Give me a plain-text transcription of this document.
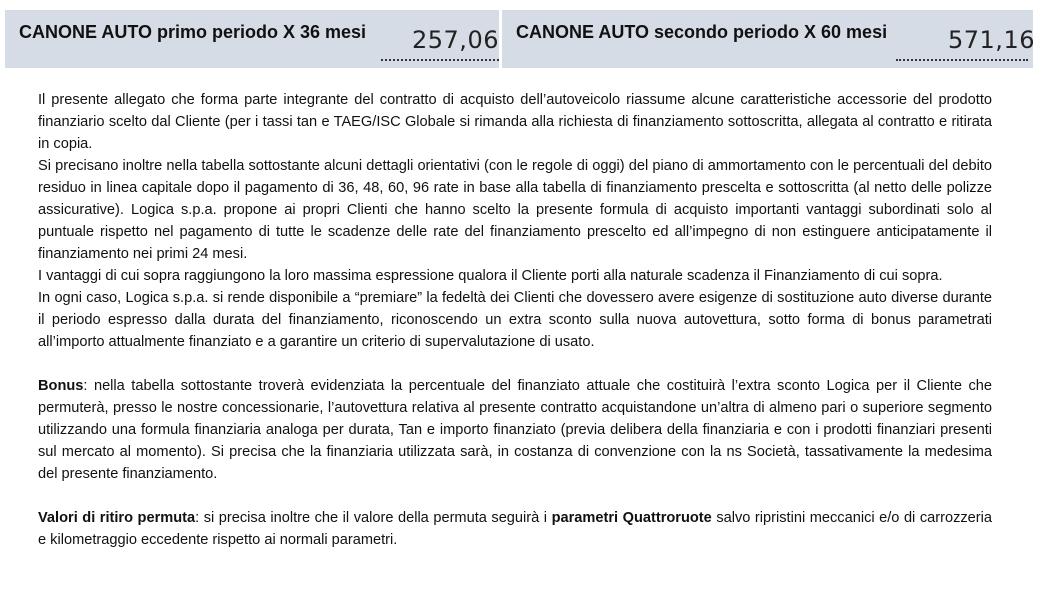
CANONE AUTO primo periodo X 36 mesi 257,06 CANONE AUTO secondo periodo X 60 mesi	571,16

Il presente allegato che forma parte integrante del contratto di acquisto dell’autoveicolo riassume alcune caratteristiche accessorie del prodotto finanziario scelto dal Cliente (per i tassi tan e TAEG/ISC Globale si rimanda alla richiesta di finanziamento sottoscritta, allegata al contratto e ritirata in copia.

Si precisano inoltre nella tabella sottostante alcuni dettagli orientativi (con le regole di oggi) del piano di ammortamento con le percentuali del debito residuo in linea capitale dopo il pagamento di 36, 48, 60, 96 rate in base alla tabella di finanziamento prescelta e sottoscritta (al netto delle polizze assicurative). Logica s.p.a. propone ai propri Clienti che hanno scelto la presente formula di acquisto importanti vantaggi subordinati solo al puntuale rispetto nel pagamento di tutte le scadenze delle rate del finanziamento prescelto ed all’impegno di non estinguere anticipatamente il finanziamento nei primi 24 mesi.

I vantaggi di cui sopra raggiungono la loro massima espressione qualora il Cliente porti alla naturale scadenza il Finanziamento di cui sopra.

In ogni caso, Logica s.p.a. si rende disponibile a “premiare” la fedeltà dei Clienti che dovessero avere esigenze di sostituzione auto diverse durante il periodo espresso dalla durata del finanziamento, riconoscendo un extra sconto sulla nuova autovettura, sotto forma di bonus parametrati all’importo attualmente finanziato e a garantire un criterio di supervalutazione di usato.

Bonus: nella tabella sottostante troverà evidenziata la percentuale del finanziato attuale che costituirà l’extra sconto Logica per il Cliente che permuterà, presso le nostre concessionarie, l’autovettura relativa al presente contratto acquistandone un’altra di almeno pari o superiore segmento utilizzando una formula finanziaria analoga per durata, Tan e importo finanziato (previa delibera della finanziaria e con i prodotti finanziari presenti sul mercato al momento). Si precisa che la finanziaria utilizzata sarà, in costanza di convenzione con la ns Società, tassativamente la medesima del presente finanziamento.

Valori di ritiro permuta: si precisa inoltre che il valore della permuta seguirà i parametri Quattroruote salvo ripristini meccanici e/o di carrozzeria e kilometraggio eccedente rispetto ai normali parametri.
